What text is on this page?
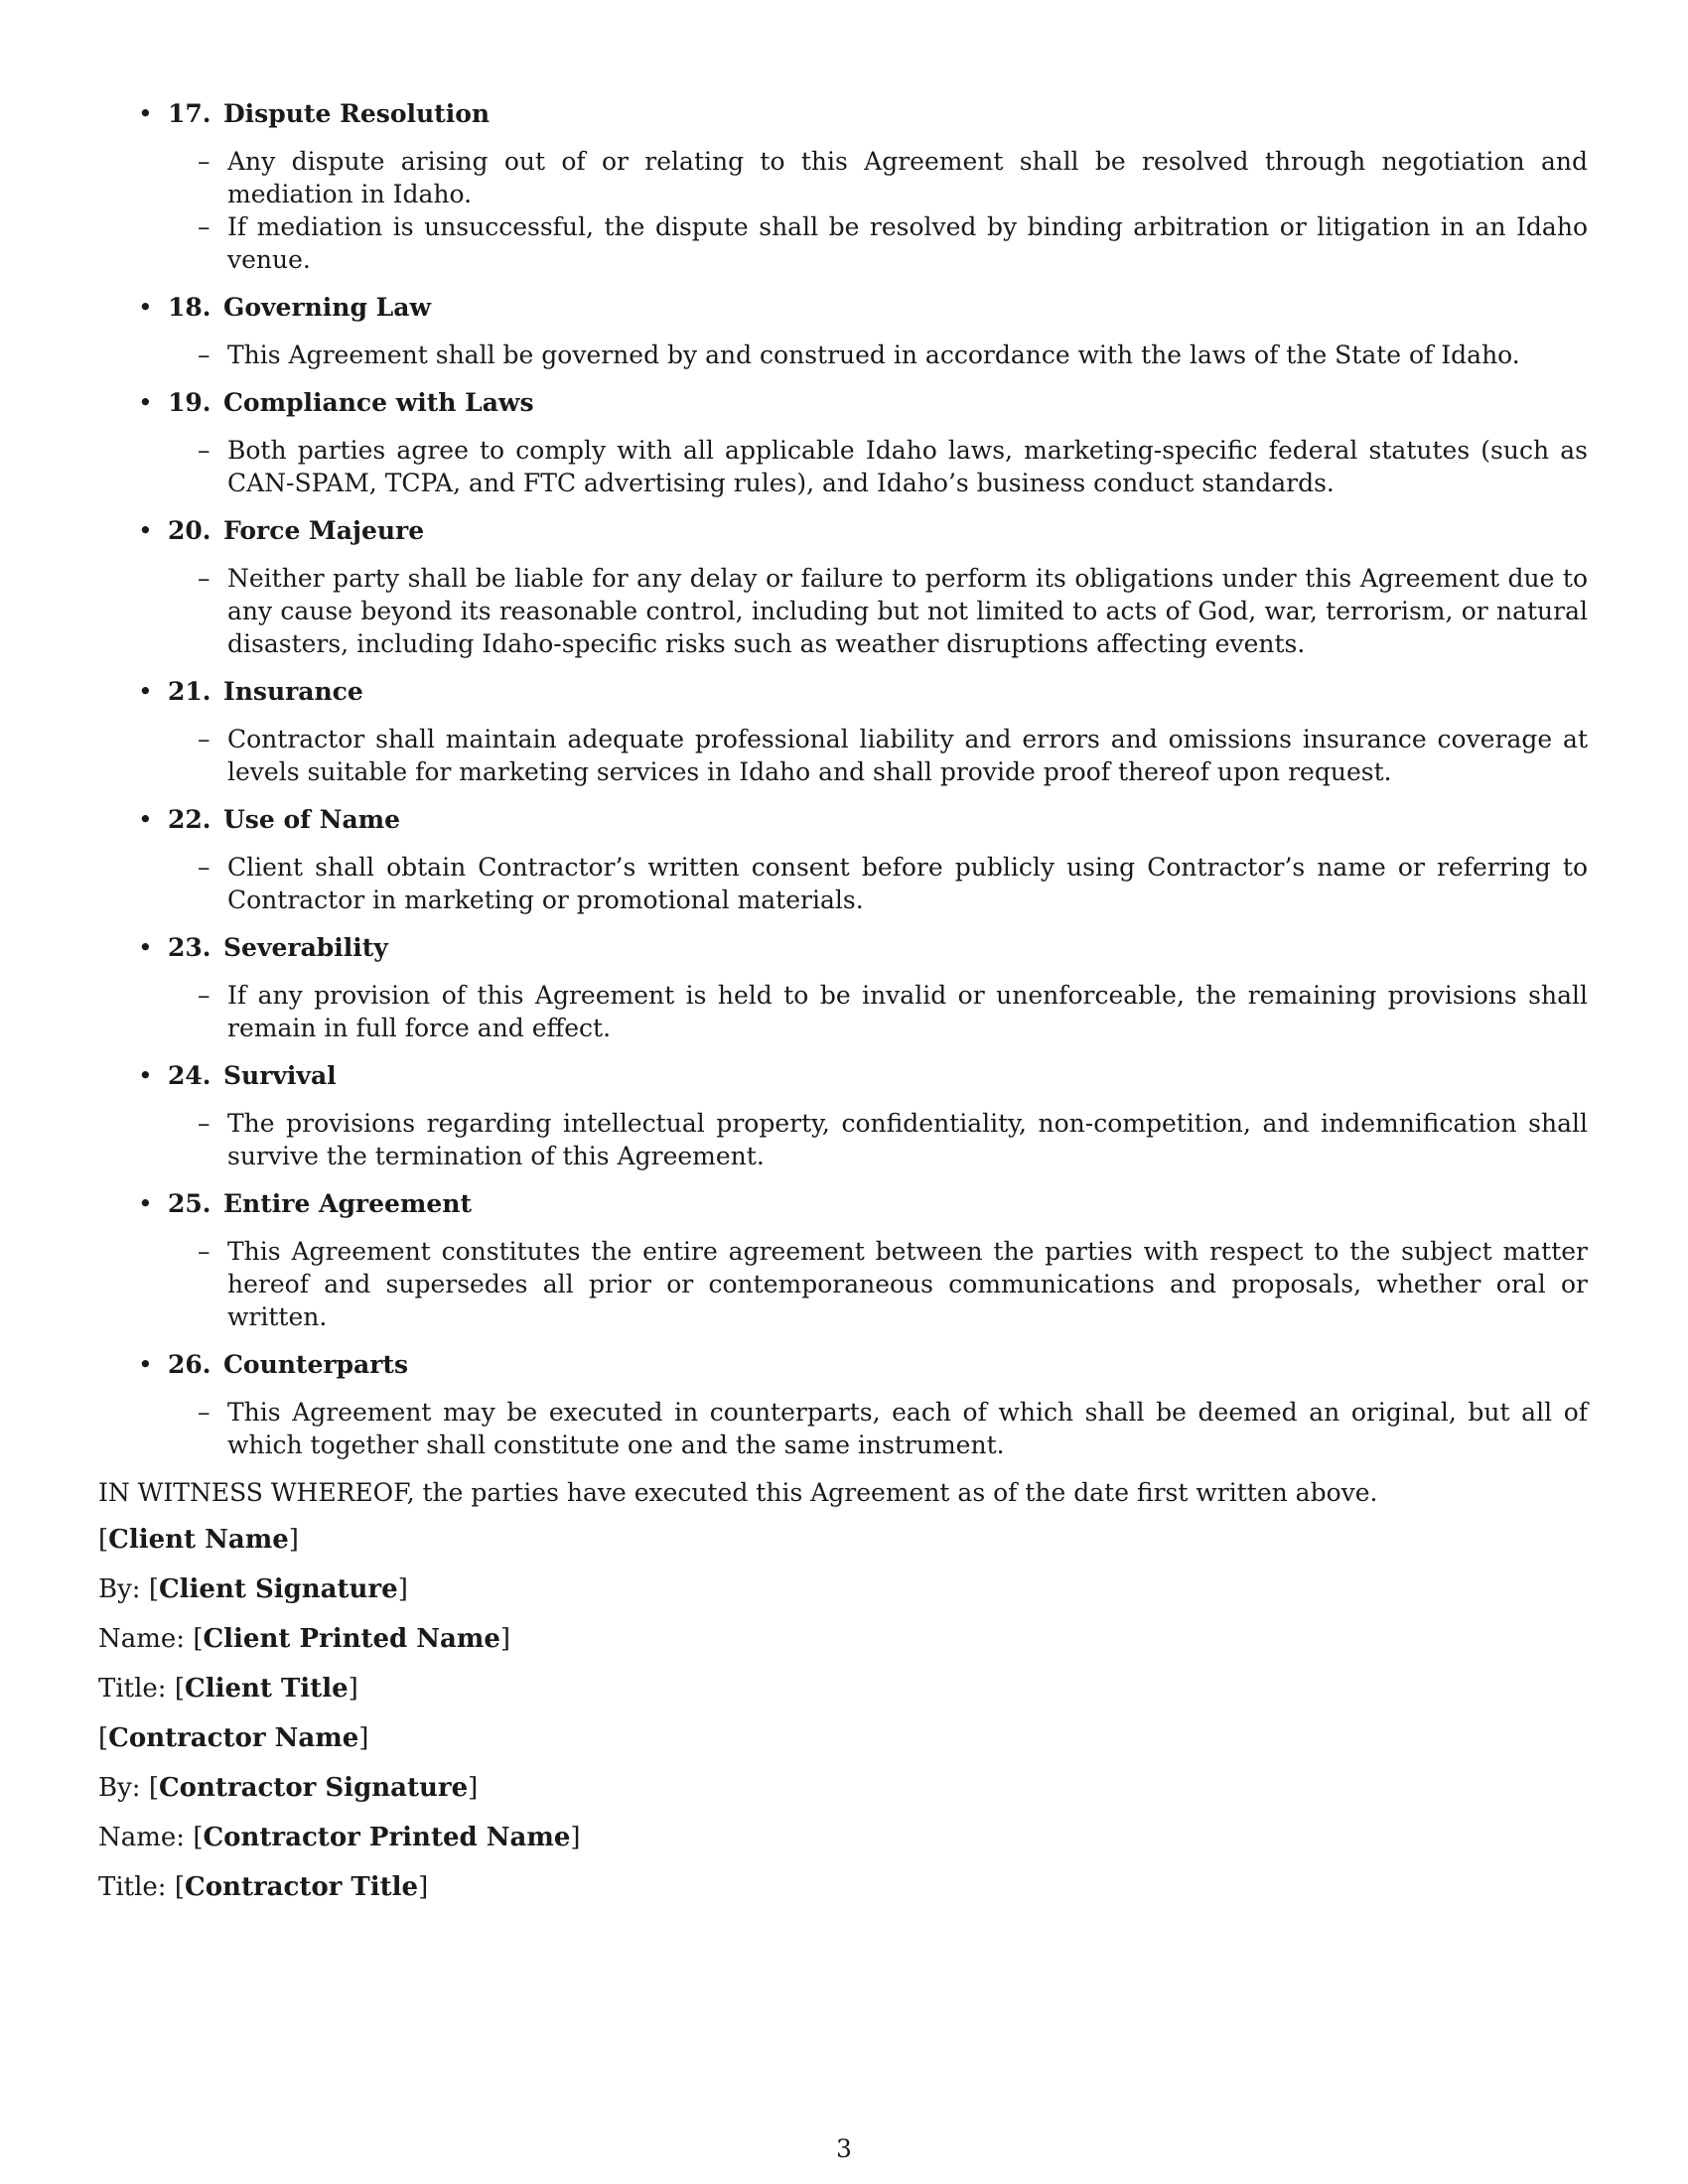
• 17. Dispute Resolution
– Any dispute arising out of or relating to this Agreement shall be resolved through negotiation and mediation in Idaho.
– If mediation is unsuccessful, the dispute shall be resolved by binding arbitration or litigation in an Idaho venue.
• 18. Governing Law
– This Agreement shall be governed by and construed in accordance with the laws of the State of Idaho.
• 19. Compliance with Laws
– Both parties agree to comply with all applicable Idaho laws, marketing-specific federal statutes (such as CAN-SPAM, TCPA, and FTC advertising rules), and Idaho’s business conduct standards.
• 20. Force Majeure
– Neither party shall be liable for any delay or failure to perform its obligations under this Agreement due to any cause beyond its reasonable control, including but not limited to acts of God, war, terrorism, or natural disasters, including Idaho-specific risks such as weather disruptions affecting events.
• 21. Insurance
– Contractor shall maintain adequate professional liability and errors and omissions insurance coverage at levels suitable for marketing services in Idaho and shall provide proof thereof upon request.
• 22. Use of Name
– Client shall obtain Contractor’s written consent before publicly using Contractor’s name or referring to Contractor in marketing or promotional materials.
• 23. Severability
– If any provision of this Agreement is held to be invalid or unenforceable, the remaining provisions shall remain in full force and effect.
• 24. Survival
– The provisions regarding intellectual property, confidentiality, non-competition, and indemnification shall survive the termination of this Agreement.
• 25. Entire Agreement
– This Agreement constitutes the entire agreement between the parties with respect to the subject matter hereof and supersedes all prior or contemporaneous communications and proposals, whether oral or written.
• 26. Counterparts
– This Agreement may be executed in counterparts, each of which shall be deemed an original, but all of which together shall constitute one and the same instrument.

IN WITNESS WHEREOF, the parties have executed this Agreement as of the date first written above.

[Client Name]

By: [Client Signature]

Name: [Client Printed Name]

Title: [Client Title]

[Contractor Name]

By: [Contractor Signature]

Name: [Contractor Printed Name]

Title: [Contractor Title]

3
